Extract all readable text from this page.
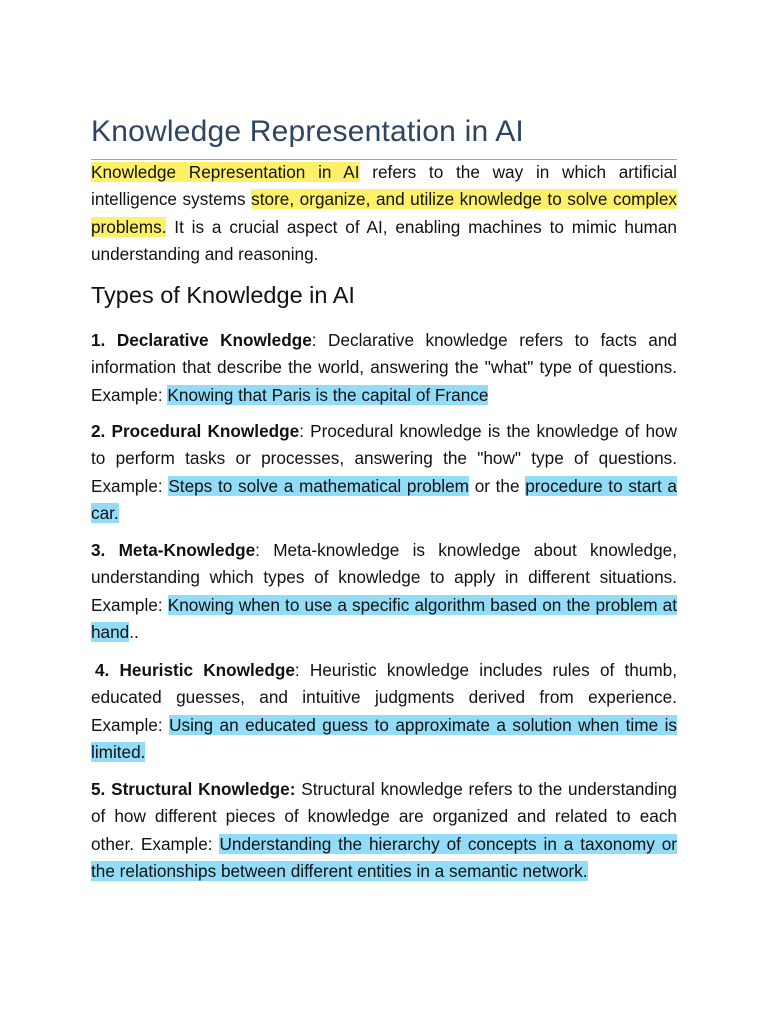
Knowledge Representation in AI

Knowledge Representation in AI refers to the way in which artificial intelligence systems store, organize, and utilize knowledge to solve complex problems. It is a crucial aspect of AI, enabling machines to mimic human understanding and reasoning.

Types of Knowledge in AI

1. Declarative Knowledge: Declarative knowledge refers to facts and information that describe the world, answering the "what" type of questions. Example: Knowing that Paris is the capital of France

2. Procedural Knowledge: Procedural knowledge is the knowledge of how to perform tasks or processes, answering the "how" type of questions. Example: Steps to solve a mathematical problem or the procedure to start a car.

3. Meta-Knowledge: Meta-knowledge is knowledge about knowledge, understanding which types of knowledge to apply in different situations. Example: Knowing when to use a specific algorithm based on the problem at hand..

4. Heuristic Knowledge: Heuristic knowledge includes rules of thumb, educated guesses, and intuitive judgments derived from experience. Example: Using an educated guess to approximate a solution when time is limited.

5. Structural Knowledge: Structural knowledge refers to the understanding of how different pieces of knowledge are organized and related to each other. Example: Understanding the hierarchy of concepts in a taxonomy or the relationships between different entities in a semantic network.
